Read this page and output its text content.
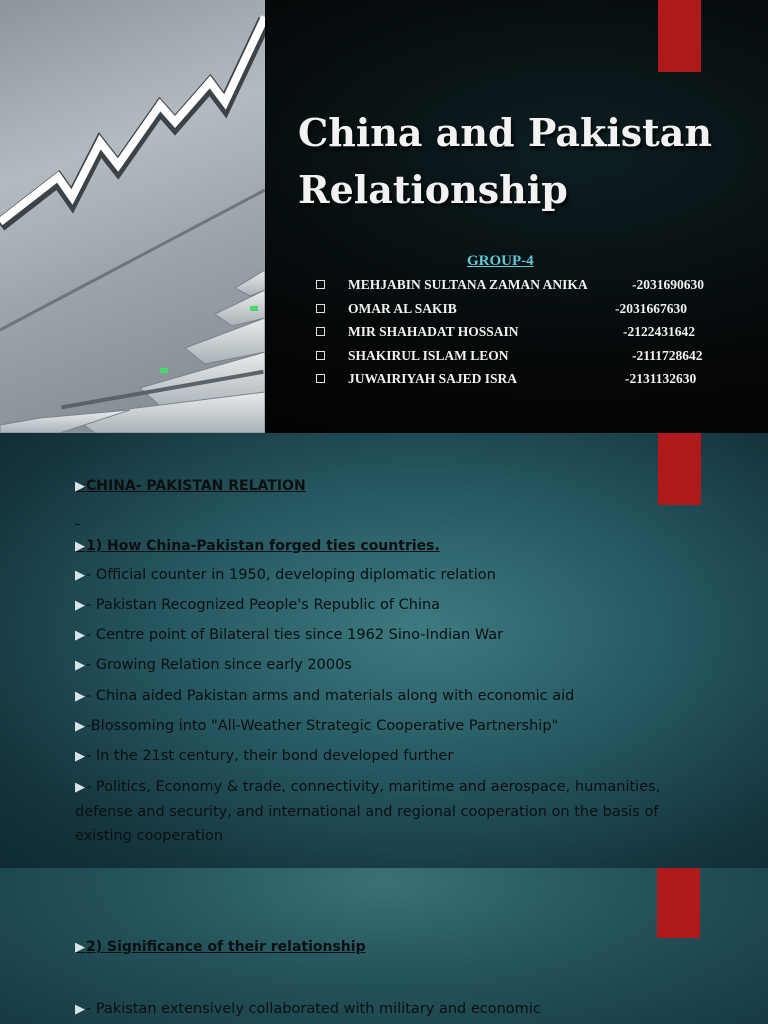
China and Pakistan Relationship
GROUP-4
MEHJABIN SULTANA ZAMAN ANIKA	-2031690630
OMAR AL SAKIB	-2031667630
MIR SHAHADAT HOSSAIN	-2122431642
SHAKIRUL ISLAM LEON	-2111728642
JUWAIRIYAH SAJED ISRA	-2131132630
▶CHINA- PAKISTAN RELATION

▶1) How China-Pakistan forged ties countries.
▶- Official counter in 1950, developing diplomatic relation
▶- Pakistan Recognized People's Republic of China
▶- Centre point of Bilateral ties since 1962 Sino-Indian War
▶- Growing Relation since early 2000s
▶- China aided Pakistan arms and materials along with economic aid
▶-Blossoming into "All-Weather Strategic Cooperative Partnership"
▶- In the 21st century, their bond developed further
▶- Politics, Economy & trade, connectivity, maritime and aerospace, humanities, defense and security, and international and regional cooperation on the basis of existing cooperation
▶2) Significance of their relationship
▶- Pakistan extensively collaborated with military and economic
